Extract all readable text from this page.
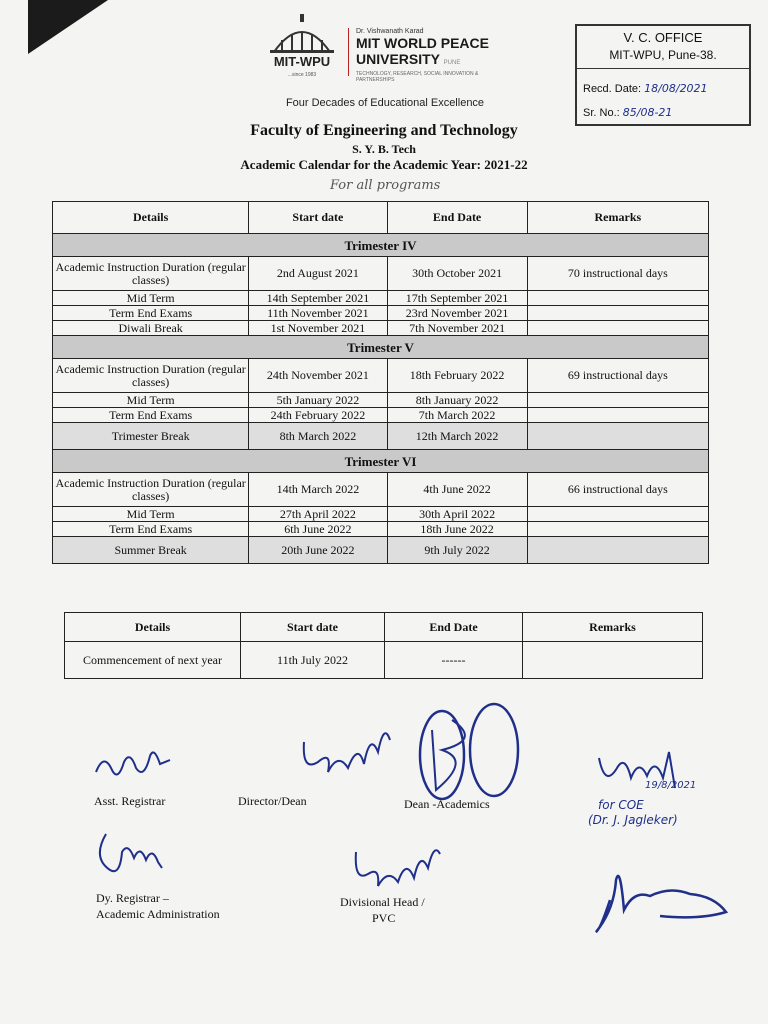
MIT-WPU
...since 1983
Dr. Vishwanath Karad
MIT WORLD PEACE
UNIVERSITY PUNE
TECHNOLOGY, RESEARCH, SOCIAL INNOVATION & PARTNERSHIPS
Four Decades of Educational Excellence
V. C. OFFICE
MIT-WPU, Pune-38.
Recd. Date: 18/08/2021
Sr. No.: 85/08-21
Faculty of Engineering and Technology
S. Y. B. Tech
Academic Calendar for the Academic Year: 2021-22
For all programs
Details	Start date	End Date	Remarks
Trimester IV			
Academic Instruction Duration (regular classes)	2nd August 2021	30th October 2021	70 instructional days
Mid Term	14th September 2021	17th September 2021	
Term End Exams	11th November 2021	23rd November 2021	
Diwali Break	1st November 2021	7th November 2021	
Trimester V			
Academic Instruction Duration (regular classes)	24th November 2021	18th February 2022	69 instructional days
Mid Term	5th January 2022	8th January 2022	
Term End Exams	24th February 2022	7th March 2022	
Trimester Break	8th March 2022	12th March 2022	
Trimester VI			
Academic Instruction Duration (regular classes)	14th March 2022	4th June 2022	66 instructional days
Mid Term	27th April 2022	30th April 2022	
Term End Exams	6th June 2022	18th June 2022	
Summer Break	20th June 2022	9th July 2022	
Details	Start date	End Date	Remarks
Commencement of next year	11th July 2022	------	
Asst. Registrar	Director/Dean	Dean -Academics	for COE
19/8/2021
(Dr. J. Jagleker)
Dy. Registrar –
Academic Administration
Divisional Head /
PVC
